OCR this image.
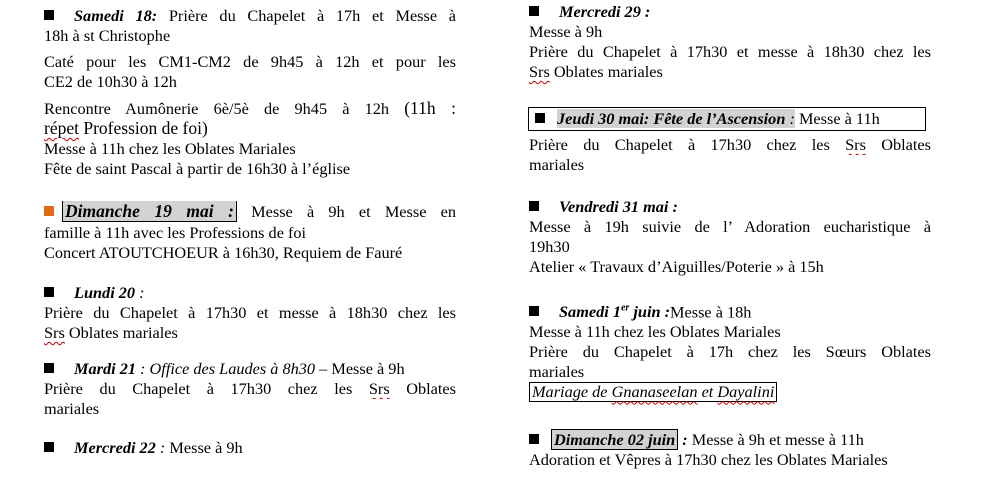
Samedi 18: Prière du Chapelet à 17h et Messe à
18h à st Christophe
Caté pour les CM1-CM2 de 9h45 à 12h et pour les
CE2 de 10h30 à 12h
Rencontre Aumônerie 6è/5è de 9h45 à 12h (11h :
répet Profession de foi)
Messe à 11h chez les Oblates Mariales
Fête de saint Pascal à partir de 16h30 à l’église
Dimanche 19 mai : Messe à 9h et Messe en
famille à 11h avec les Professions de foi
Concert ATOUTCHOEUR à 16h30, Requiem de Fauré
Lundi 20 :
Prière du Chapelet à 17h30 et messe à 18h30 chez les
Srs Oblates mariales
Mardi 21 : Office des Laudes à 8h30 – Messe à 9h
Prière du Chapelet à 17h30 chez les Srs Oblates
mariales
Mercredi 22 : Messe à 9h
Mercredi 29 :
Messe à 9h
Prière du Chapelet à 17h30 et messe à 18h30 chez les
Srs Oblates mariales
Jeudi 30 mai: Fête de l’Ascension : Messe à 11h
Prière du Chapelet à 17h30 chez les Srs Oblates
mariales
Vendredi 31 mai :
Messe à 19h suivie de l’ Adoration eucharistique à
19h30
Atelier « Travaux d’Aiguilles/Poterie » à 15h
Samedi 1er juin :Messe à 18h
Messe à 11h chez les Oblates Mariales
Prière du Chapelet à 17h chez les Sœurs Oblates
mariales
Mariage de Gnanaseelan et Dayalini
Dimanche 02 juin : Messe à 9h et messe à 11h
Adoration et Vêpres à 17h30 chez les Oblates Mariales
